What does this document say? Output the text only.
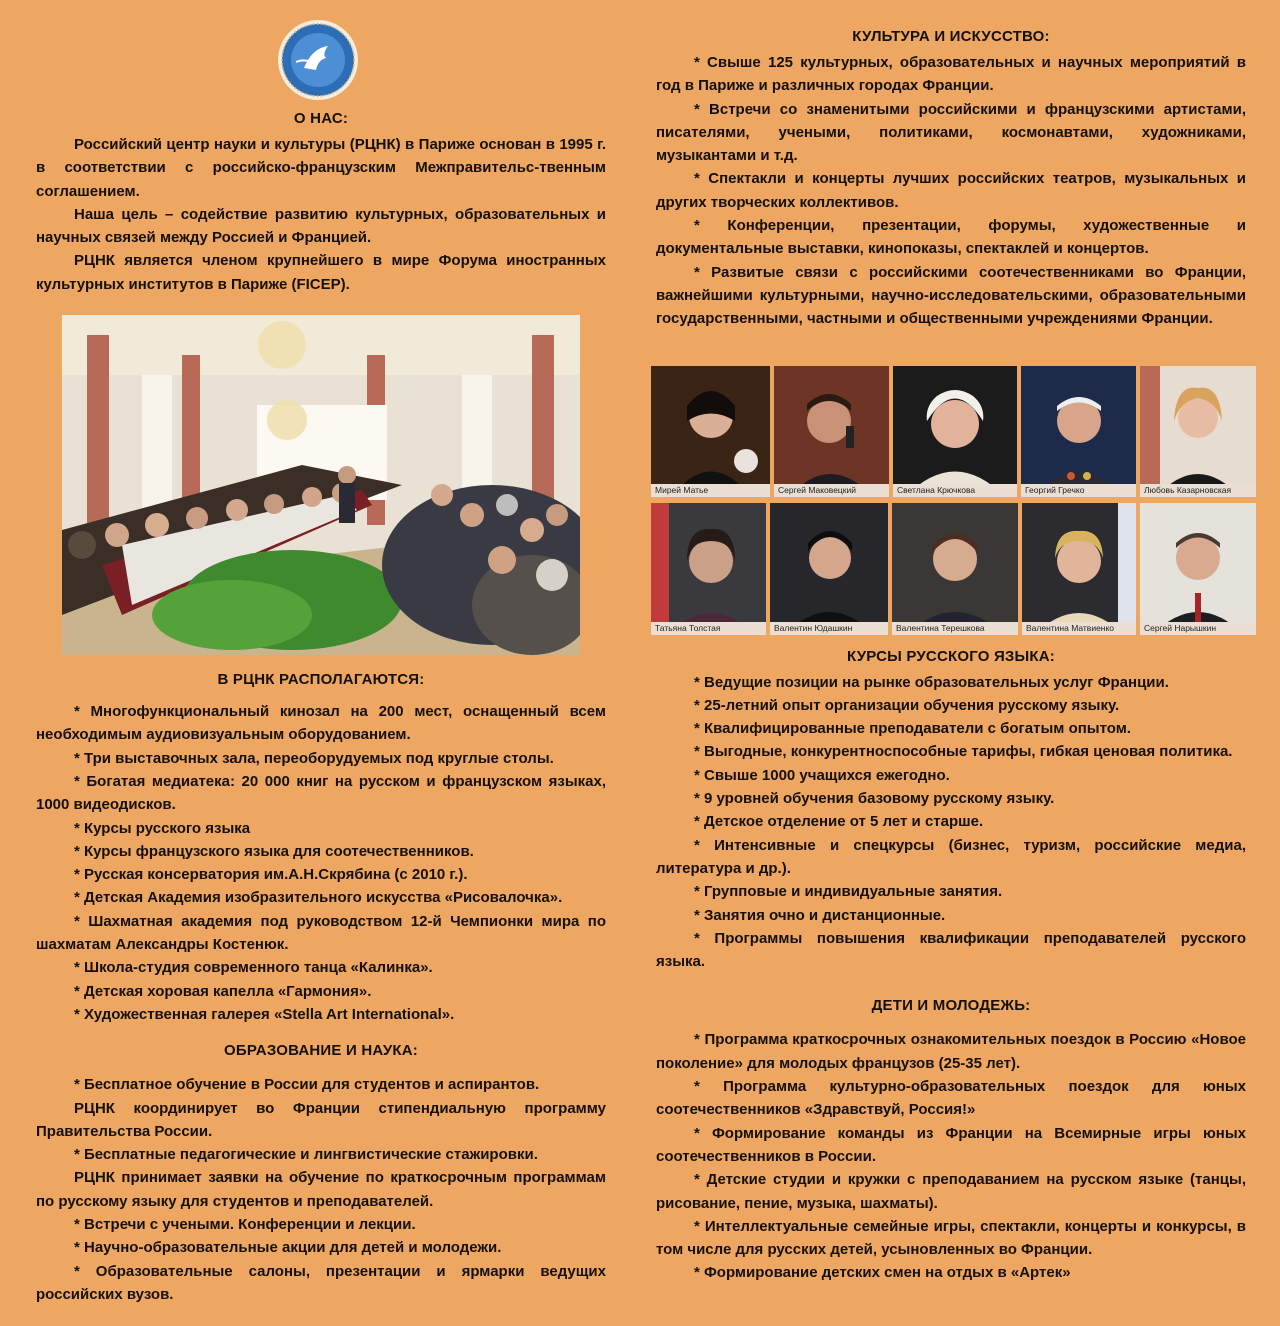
О НАС:

Российский центр науки и культуры (РЦНК) в Париже основан в 1995 г. в соответствии с российско-французским Межправительс-твенным соглашением.

Наша цель – содействие развитию культурных, образовательных и научных связей между Россией и Францией.

РЦНК является членом крупнейшего в мире Форума иностранных культурных институтов в Париже (FICEP).

В РЦНК РАСПОЛАГАЮТСЯ:

* Многофункциональный кинозал на 200 мест, оснащенный всем необходимым аудиовизуальным оборудованием.

* Три выставочных зала, переоборудуемых под круглые столы.

* Богатая медиатека: 20 000 книг на русском и французском языках, 1000 видеодисков.

* Курсы русского языка

* Курсы французского языка для соотечественников.

* Русская консерватория им.А.Н.Скрябина (с 2010 г.).

* Детская Академия изобразительного искусства «Рисовалочка».

* Шахматная академия под руководством 12-й Чемпионки мира по шахматам Александры Костенюк.

* Школа-студия современного танца «Калинка».

* Детская хоровая капелла «Гармония».

* Художественная галерея «Stella Art International».

ОБРАЗОВАНИЕ И НАУКА:

* Бесплатное обучение в России для студентов и аспирантов.

РЦНК координирует во Франции стипендиальную программу Правительства России.

* Бесплатные педагогические и лингвистические стажировки.

РЦНК принимает заявки на обучение по краткосрочным программам по русскому языку для студентов и преподавателей.

* Встречи с учеными. Конференции и лекции.

* Научно-образовательные акции для детей и молодежи.

* Образовательные салоны, презентации и ярмарки ведущих российских вузов.

КУЛЬТУРА И ИСКУССТВО:

* Свыше 125 культурных, образовательных и научных мероприятий в год в Париже и различных городах Франции.

* Встречи со знаменитыми российскими и французскими артистами, писателями, учеными, политиками, космонавтами, художниками, музыкантами и т.д.

* Спектакли и концерты лучших российских театров, музыкальных и других творческих коллективов.

* Конференции, презентации, форумы, художественные и документальные выставки, кинопоказы, спектаклей и концертов.

* Развитые связи с российскими соотечественниками во Франции, важнейшими культурными, научно-исследовательскими, образовательными государственными, частными и общественными учреждениями Франции.

КУРСЫ РУССКОГО ЯЗЫКА:

* Ведущие позиции на рынке образовательных услуг Франции.

* 25-летний опыт организации обучения русскому языку.

* Квалифицированные преподаватели с богатым опытом.

* Выгодные, конкурентноспособные тарифы, гибкая ценовая политика.

* Свыше 1000 учащихся ежегодно.

* 9 уровней обучения базовому русскому языку.

* Детское отделение от 5 лет и старше.

* Интенсивные и спецкурсы (бизнес, туризм, российские медиа, литература и др.).

* Групповые и индивидуальные занятия.

* Занятия очно и дистанционные.

* Программы повышения квалификации преподавателей русского языка.

ДЕТИ И МОЛОДЕЖЬ:

* Программа краткосрочных ознакомительных поездок в Россию «Новое поколение» для молодых французов (25-35 лет).

* Программа культурно-образовательных поездок для юных соотечественников «Здравствуй, Россия!»

* Формирование команды из Франции на Всемирные игры юных соотечественников в России.

* Детские студии и кружки с преподаванием на русском языке (танцы, рисование, пение, музыка, шахматы).

* Интеллектуальные семейные игры, спектакли, концерты и конкурсы, в том числе для русских детей, усыновленных во Франции.

* Формирование детских смен на отдых в «Артек»

Мирей Матье	Сергей Маковецкий	Светлана Крючкова	Георгий Гречко	Любовь Казарновская
Татьяна Толстая	Валентин Юдашкин	Валентина Терешкова	Валентина Матвиенко	Сергей Нарышкин
